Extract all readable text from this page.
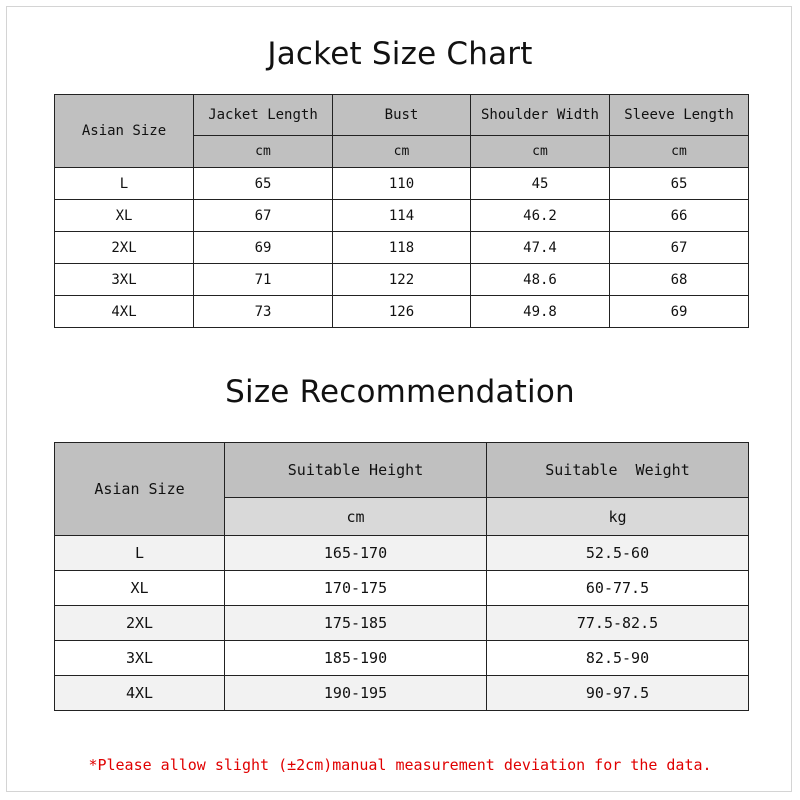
Jacket Size Chart
Asian Size	Jacket Length	Bust	Shoulder Width	Sleeve Length
	cm	cm	cm	cm
L	65	110	45	65
XL	67	114	46.2	66
2XL	69	118	47.4	67
3XL	71	122	48.6	68
4XL	73	126	49.8	69
Size Recommendation
Asian Size	Suitable Height	Suitable  Weight
	cm	kg
L	165-170	52.5-60
XL	170-175	60-77.5
2XL	175-185	77.5-82.5
3XL	185-190	82.5-90
4XL	190-195	90-97.5
*Please allow slight (±2cm)manual measurement deviation for the data.
